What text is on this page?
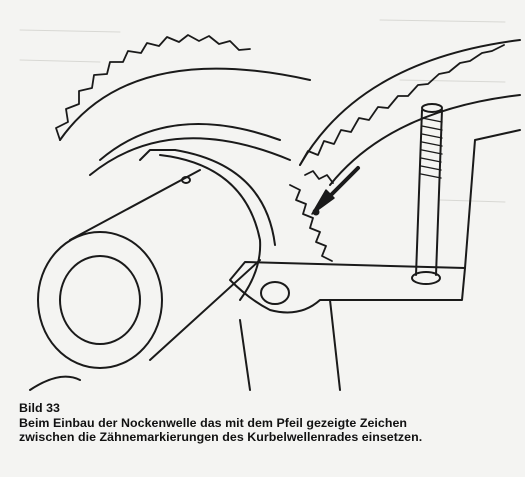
Bild 33
Beim Einbau der Nockenwelle das mit dem Pfeil gezeigte Zeichen
zwischen die Zähnemarkierungen des Kurbelwellenrades einsetzen.
